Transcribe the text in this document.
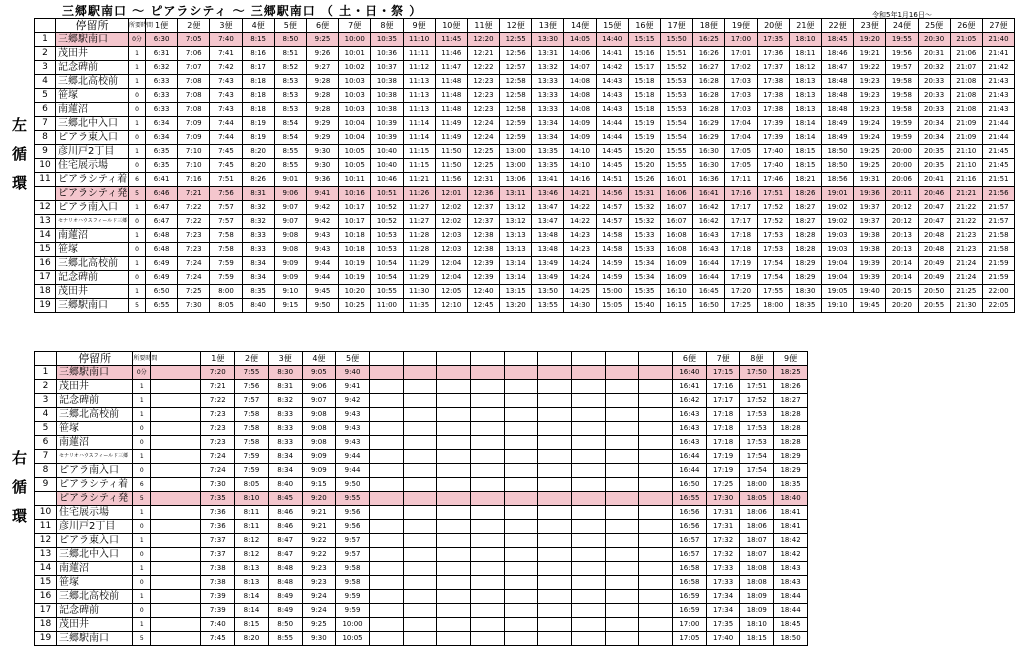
三郷駅南口 ～ ピアラシティ ～ 三郷駅南口 （ 土・日・祭 ）	令和5年1月16日～
左
循
環
右
循
環
	停留所	所要時間	1便	2便	3便	4便	5便	6便	7便	8便	9便	10便	11便	12便	13便	14便	15便	16便	17便	18便	19便	20便	21便	22便	23便	24便	25便	26便	27便
1	三郷駅南口	0分	6:30	7:05	7:40	8:15	8:50	9:25	10:00	10:35	11:10	11:45	12:20	12:55	13:30	14:05	14:40	15:15	15:50	16:25	17:00	17:35	18:10	18:45	19:20	19:55	20:30	21:05	21:40
2	茂田井	1	6:31	7:06	7:41	8:16	8:51	9:26	10:01	10:36	11:11	11:46	12:21	12:56	13:31	14:06	14:41	15:16	15:51	16:26	17:01	17:36	18:11	18:46	19:21	19:56	20:31	21:06	21:41
3	記念碑前	1	6:32	7:07	7:42	8:17	8:52	9:27	10:02	10:37	11:12	11:47	12:22	12:57	13:32	14:07	14:42	15:17	15:52	16:27	17:02	17:37	18:12	18:47	19:22	19:57	20:32	21:07	21:42
4	三郷北高校前	1	6:33	7:08	7:43	8:18	8:53	9:28	10:03	10:38	11:13	11:48	12:23	12:58	13:33	14:08	14:43	15:18	15:53	16:28	17:03	17:38	18:13	18:48	19:23	19:58	20:33	21:08	21:43
5	笹塚	0	6:33	7:08	7:43	8:18	8:53	9:28	10:03	10:38	11:13	11:48	12:23	12:58	13:33	14:08	14:43	15:18	15:53	16:28	17:03	17:38	18:13	18:48	19:23	19:58	20:33	21:08	21:43
6	南蓮沼	0	6:33	7:08	7:43	8:18	8:53	9:28	10:03	10:38	11:13	11:48	12:23	12:58	13:33	14:08	14:43	15:18	15:53	16:28	17:03	17:38	18:13	18:48	19:23	19:58	20:33	21:08	21:43
7	三郷北中入口	1	6:34	7:09	7:44	8:19	8:54	9:29	10:04	10:39	11:14	11:49	12:24	12:59	13:34	14:09	14:44	15:19	15:54	16:29	17:04	17:39	18:14	18:49	19:24	19:59	20:34	21:09	21:44
8	ピアラ東入口	0	6:34	7:09	7:44	8:19	8:54	9:29	10:04	10:39	11:14	11:49	12:24	12:59	13:34	14:09	14:44	15:19	15:54	16:29	17:04	17:39	18:14	18:49	19:24	19:59	20:34	21:09	21:44
9	彦川戸2丁目	1	6:35	7:10	7:45	8:20	8:55	9:30	10:05	10:40	11:15	11:50	12:25	13:00	13:35	14:10	14:45	15:20	15:55	16:30	17:05	17:40	18:15	18:50	19:25	20:00	20:35	21:10	21:45
10	住宅展示場	0	6:35	7:10	7:45	8:20	8:55	9:30	10:05	10:40	11:15	11:50	12:25	13:00	13:35	14:10	14:45	15:20	15:55	16:30	17:05	17:40	18:15	18:50	19:25	20:00	20:35	21:10	21:45
11	ピアラシティ着	6	6:41	7:16	7:51	8:26	9:01	9:36	10:11	10:46	11:21	11:56	12:31	13:06	13:41	14:16	14:51	15:26	16:01	16:36	17:11	17:46	18:21	18:56	19:31	20:06	20:41	21:16	21:51
	ピアラシティ発	5	6:46	7:21	7:56	8:31	9:06	9:41	10:16	10:51	11:26	12:01	12:36	13:11	13:46	14:21	14:56	15:31	16:06	16:41	17:16	17:51	18:26	19:01	19:36	20:11	20:46	21:21	21:56
12	ピアラ南入口	1	6:47	7:22	7:57	8:32	9:07	9:42	10:17	10:52	11:27	12:02	12:37	13:12	13:47	14:22	14:57	15:32	16:07	16:42	17:17	17:52	18:27	19:02	19:37	20:12	20:47	21:22	21:57
13	セナリオハウスフィールド三郷	0	6:47	7:22	7:57	8:32	9:07	9:42	10:17	10:52	11:27	12:02	12:37	13:12	13:47	14:22	14:57	15:32	16:07	16:42	17:17	17:52	18:27	19:02	19:37	20:12	20:47	21:22	21:57
14	南蓮沼	1	6:48	7:23	7:58	8:33	9:08	9:43	10:18	10:53	11:28	12:03	12:38	13:13	13:48	14:23	14:58	15:33	16:08	16:43	17:18	17:53	18:28	19:03	19:38	20:13	20:48	21:23	21:58
15	笹塚	0	6:48	7:23	7:58	8:33	9:08	9:43	10:18	10:53	11:28	12:03	12:38	13:13	13:48	14:23	14:58	15:33	16:08	16:43	17:18	17:53	18:28	19:03	19:38	20:13	20:48	21:23	21:58
16	三郷北高校前	1	6:49	7:24	7:59	8:34	9:09	9:44	10:19	10:54	11:29	12:04	12:39	13:14	13:49	14:24	14:59	15:34	16:09	16:44	17:19	17:54	18:29	19:04	19:39	20:14	20:49	21:24	21:59
17	記念碑前	0	6:49	7:24	7:59	8:34	9:09	9:44	10:19	10:54	11:29	12:04	12:39	13:14	13:49	14:24	14:59	15:34	16:09	16:44	17:19	17:54	18:29	19:04	19:39	20:14	20:49	21:24	21:59
18	茂田井	1	6:50	7:25	8:00	8:35	9:10	9:45	10:20	10:55	11:30	12:05	12:40	13:15	13:50	14:25	15:00	15:35	16:10	16:45	17:20	17:55	18:30	19:05	19:40	20:15	20:50	21:25	22:00
19	三郷駅南口	5	6:55	7:30	8:05	8:40	9:15	9:50	10:25	11:00	11:35	12:10	12:45	13:20	13:55	14:30	15:05	15:40	16:15	16:50	17:25	18:00	18:35	19:10	19:45	20:20	20:55	21:30	22:05
	停留所	所要時間		1便	2便	3便	4便	5便										6便	7便	8便	9便
1	三郷駅南口	0分		7:20	7:55	8:30	9:05	9:40										16:40	17:15	17:50	18:25
2	茂田井	1		7:21	7:56	8:31	9:06	9:41										16:41	17:16	17:51	18:26
3	記念碑前	1		7:22	7:57	8:32	9:07	9:42										16:42	17:17	17:52	18:27
4	三郷北高校前	1		7:23	7:58	8:33	9:08	9:43										16:43	17:18	17:53	18:28
5	笹塚	0		7:23	7:58	8:33	9:08	9:43										16:43	17:18	17:53	18:28
6	南蓮沼	0		7:23	7:58	8:33	9:08	9:43										16:43	17:18	17:53	18:28
7	セナリオハウスフィールド三郷	1		7:24	7:59	8:34	9:09	9:44										16:44	17:19	17:54	18:29
8	ピアラ南入口	0		7:24	7:59	8:34	9:09	9:44										16:44	17:19	17:54	18:29
9	ピアラシティ着	6		7:30	8:05	8:40	9:15	9:50										16:50	17:25	18:00	18:35
	ピアラシティ発	5		7:35	8:10	8:45	9:20	9:55										16:55	17:30	18:05	18:40
10	住宅展示場	1		7:36	8:11	8:46	9:21	9:56										16:56	17:31	18:06	18:41
11	彦川戸2丁目	0		7:36	8:11	8:46	9:21	9:56										16:56	17:31	18:06	18:41
12	ピアラ東入口	1		7:37	8:12	8:47	9:22	9:57										16:57	17:32	18:07	18:42
13	三郷北中入口	0		7:37	8:12	8:47	9:22	9:57										16:57	17:32	18:07	18:42
14	南蓮沼	1		7:38	8:13	8:48	9:23	9:58										16:58	17:33	18:08	18:43
15	笹塚	0		7:38	8:13	8:48	9:23	9:58										16:58	17:33	18:08	18:43
16	三郷北高校前	1		7:39	8:14	8:49	9:24	9:59										16:59	17:34	18:09	18:44
17	記念碑前	0		7:39	8:14	8:49	9:24	9:59										16:59	17:34	18:09	18:44
18	茂田井	1		7:40	8:15	8:50	9:25	10:00										17:00	17:35	18:10	18:45
19	三郷駅南口	5		7:45	8:20	8:55	9:30	10:05										17:05	17:40	18:15	18:50
